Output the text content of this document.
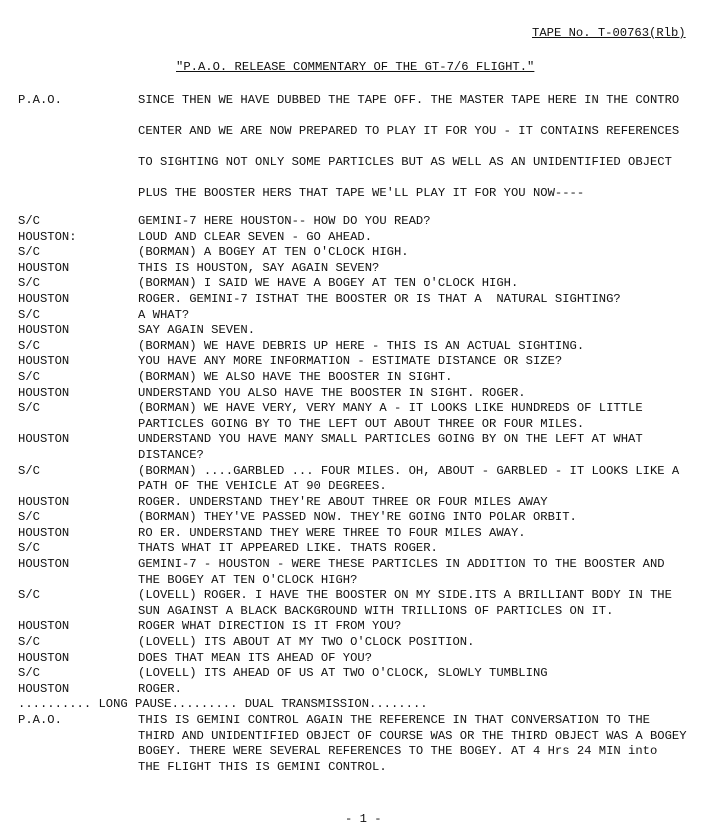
TAPE No. T-00763(Rlb)
"P.A.O. RELEASE COMMENTARY OF THE GT-7/6 FLIGHT."
P.A.O.	SINCE THEN WE HAVE DUBBED THE TAPE OFF. THE MASTER TAPE HERE IN THE CONTRO
CENTER AND WE ARE NOW PREPARED TO PLAY IT FOR YOU - IT CONTAINS REFERENCES
TO SIGHTING NOT ONLY SOME PARTICLES BUT AS WELL AS AN UNIDENTIFIED OBJECT
PLUS THE BOOSTER HERS THAT TAPE WE'LL PLAY IT FOR YOU NOW----
S/C	GEMINI-7 HERE HOUSTON-- HOW DO YOU READ?
HOUSTON:	LOUD AND CLEAR SEVEN - GO AHEAD.
S/C	(BORMAN) A BOGEY AT TEN O'CLOCK HIGH.
HOUSTON	THIS IS HOUSTON, SAY AGAIN SEVEN?
S/C	(BORMAN) I SAID WE HAVE A BOGEY AT TEN O'CLOCK HIGH.
HOUSTON	ROGER. GEMINI-7 ISTHAT THE BOOSTER OR IS THAT A  NATURAL SIGHTING?
S/C	A WHAT?
HOUSTON	SAY AGAIN SEVEN.
S/C	(BORMAN) WE HAVE DEBRIS UP HERE - THIS IS AN ACTUAL SIGHTING.
HOUSTON	YOU HAVE ANY MORE INFORMATION - ESTIMATE DISTANCE OR SIZE?
S/C	(BORMAN) WE ALSO HAVE THE BOOSTER IN SIGHT.
HOUSTON	UNDERSTAND YOU ALSO HAVE THE BOOSTER IN SIGHT. ROGER.
S/C	(BORMAN) WE HAVE VERY, VERY MANY A - IT LOOKS LIKE HUNDREDS OF LITTLE
PARTICLES GOING BY TO THE LEFT OUT ABOUT THREE OR FOUR MILES.
HOUSTON	UNDERSTAND YOU HAVE MANY SMALL PARTICLES GOING BY ON THE LEFT AT WHAT
DISTANCE?
S/C	(BORMAN) ....GARBLED ... FOUR MILES. OH, ABOUT - GARBLED - IT LOOKS LIKE A
PATH OF THE VEHICLE AT 90 DEGREES.
HOUSTON	ROGER. UNDERSTAND THEY'RE ABOUT THREE OR FOUR MILES AWAY
S/C	(BORMAN) THEY'VE PASSED NOW. THEY'RE GOING INTO POLAR ORBIT.
HOUSTON	RO ER. UNDERSTAND THEY WERE THREE TO FOUR MILES AWAY.
S/C	THATS WHAT IT APPEARED LIKE. THATS ROGER.
HOUSTON	GEMINI-7 - HOUSTON - WERE THESE PARTICLES IN ADDITION TO THE BOOSTER AND
THE BOGEY AT TEN O'CLOCK HIGH?
S/C	(LOVELL) ROGER. I HAVE THE BOOSTER ON MY SIDE.ITS A BRILLIANT BODY IN THE
SUN AGAINST A BLACK BACKGROUND WITH TRILLIONS OF PARTICLES ON IT.
HOUSTON	ROGER WHAT DIRECTION IS IT FROM YOU?
S/C	(LOVELL) ITS ABOUT AT MY TWO O'CLOCK POSITION.
HOUSTON	DOES THAT MEAN ITS AHEAD OF YOU?
S/C	(LOVELL) ITS AHEAD OF US AT TWO O'CLOCK, SLOWLY TUMBLING
HOUSTON	ROGER.
.......... LONG PAUSE......... DUAL TRANSMISSION........
P.A.O.	THIS IS GEMINI CONTROL AGAIN THE REFERENCE IN THAT CONVERSATION TO THE
THIRD AND UNIDENTIFIED OBJECT OF COURSE WAS OR THE THIRD OBJECT WAS A BOGEY
BOGEY. THERE WERE SEVERAL REFERENCES TO THE BOGEY. AT 4 Hrs 24 MIN into
THE FLIGHT THIS IS GEMINI CONTROL.
- 1 -
